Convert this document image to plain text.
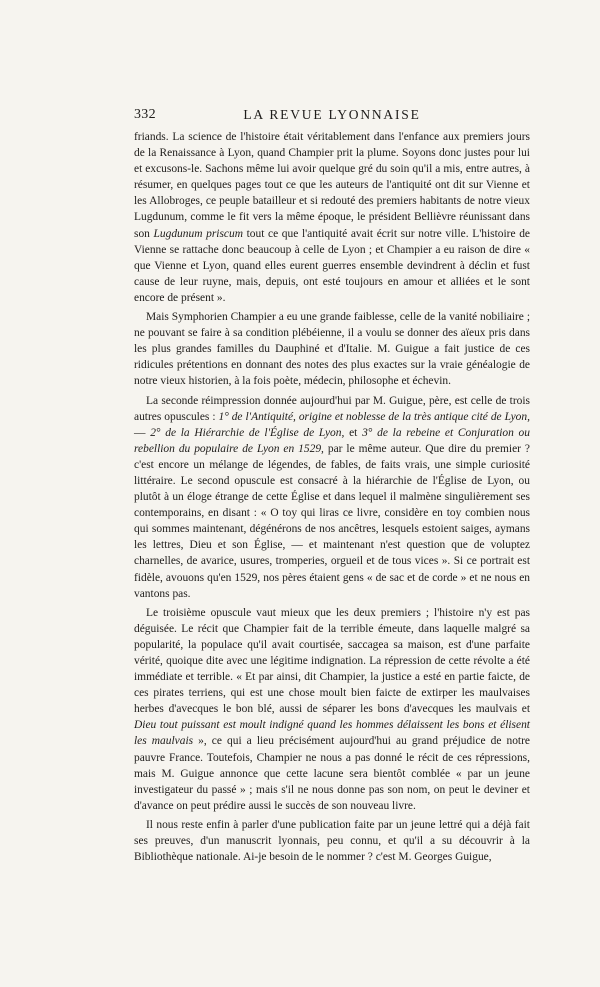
332	LA REVUE LYONNAISE

friands. La science de l'histoire était véritablement dans l'enfance aux premiers jours de la Renaissance à Lyon, quand Champier prit la plume. Soyons donc justes pour lui et excusons-le. Sachons même lui avoir quelque gré du soin qu'il a mis, entre autres, à résumer, en quelques pages tout ce que les auteurs de l'antiquité ont dit sur Vienne et les Allobroges, ce peuple batailleur et si redouté des premiers habitants de notre vieux Lugdunum, comme le fit vers la même époque, le président Bellièvre réunissant dans son Lugdunum priscum tout ce que l'antiquité avait écrit sur notre ville. L'histoire de Vienne se rattache donc beaucoup à celle de Lyon ; et Champier a eu raison de dire « que Vienne et Lyon, quand elles eurent guerres ensemble devindrent à déclin et fust cause de leur ruyne, mais, depuis, ont esté toujours en amour et alliées et le sont encore de présent ».

Mais Symphorien Champier a eu une grande faiblesse, celle de la vanité nobiliaire ; ne pouvant se faire à sa condition plébéienne, il a voulu se donner des aïeux pris dans les plus grandes familles du Dauphiné et d'Italie. M. Guigue a fait justice de ces ridicules prétentions en donnant des notes des plus exactes sur la vraie généalogie de notre vieux historien, à la fois poète, médecin, philosophe et échevin.

La seconde réimpression donnée aujourd'hui par M. Guigue, père, est celle de trois autres opuscules : 1° de l'Antiquité, origine et noblesse de la très antique cité de Lyon, — 2° de la Hiérarchie de l'Église de Lyon, et 3° de la rebeine et Conjuration ou rebellion du populaire de Lyon en 1529, par le même auteur. Que dire du premier ? c'est encore un mélange de légendes, de fables, de faits vrais, une simple curiosité littéraire. Le second opuscule est consacré à la hiérarchie de l'Église de Lyon, ou plutôt à un éloge étrange de cette Église et dans lequel il malmène singulièrement ses contemporains, en disant : « O toy qui liras ce livre, considère en toy combien nous qui sommes maintenant, dégénérons de nos ancêtres, lesquels estoient saiges, aymans les lettres, Dieu et son Église, — et maintenant n'est question que de voluptez charnelles, de avarice, usures, tromperies, orgueil et de tous vices ». Si ce portrait est fidèle, avouons qu'en 1529, nos pères étaient gens « de sac et de corde » et ne nous en vantons pas.

Le troisième opuscule vaut mieux que les deux premiers ; l'histoire n'y est pas déguisée. Le récit que Champier fait de la terrible émeute, dans laquelle malgré sa popularité, la populace qu'il avait courtisée, saccagea sa maison, est d'une parfaite vérité, quoique dite avec une légitime indignation. La répression de cette révolte a été immédiate et terrible. « Et par ainsi, dit Champier, la justice a esté en partie faicte, de ces pirates terriens, qui est une chose moult bien faicte de extirper les maulvaises herbes d'avecques le bon blé, aussi de séparer les bons d'avecques les maulvais et Dieu tout puissant est moult indigné quand les hommes délaissent les bons et élisent les maulvais », ce qui a lieu précisément aujourd'hui au grand préjudice de notre pauvre France. Toutefois, Champier ne nous a pas donné le récit de ces répressions, mais M. Guigue annonce que cette lacune sera bientôt comblée « par un jeune investigateur du passé » ; mais s'il ne nous donne pas son nom, on peut le deviner et d'avance on peut prédire aussi le succès de son nouveau livre.

Il nous reste enfin à parler d'une publication faite par un jeune lettré qui a déjà fait ses preuves, d'un manuscrit lyonnais, peu connu, et qu'il a su découvrir à la Bibliothèque nationale. Ai-je besoin de le nommer ? c'est M. Georges Guigue,
